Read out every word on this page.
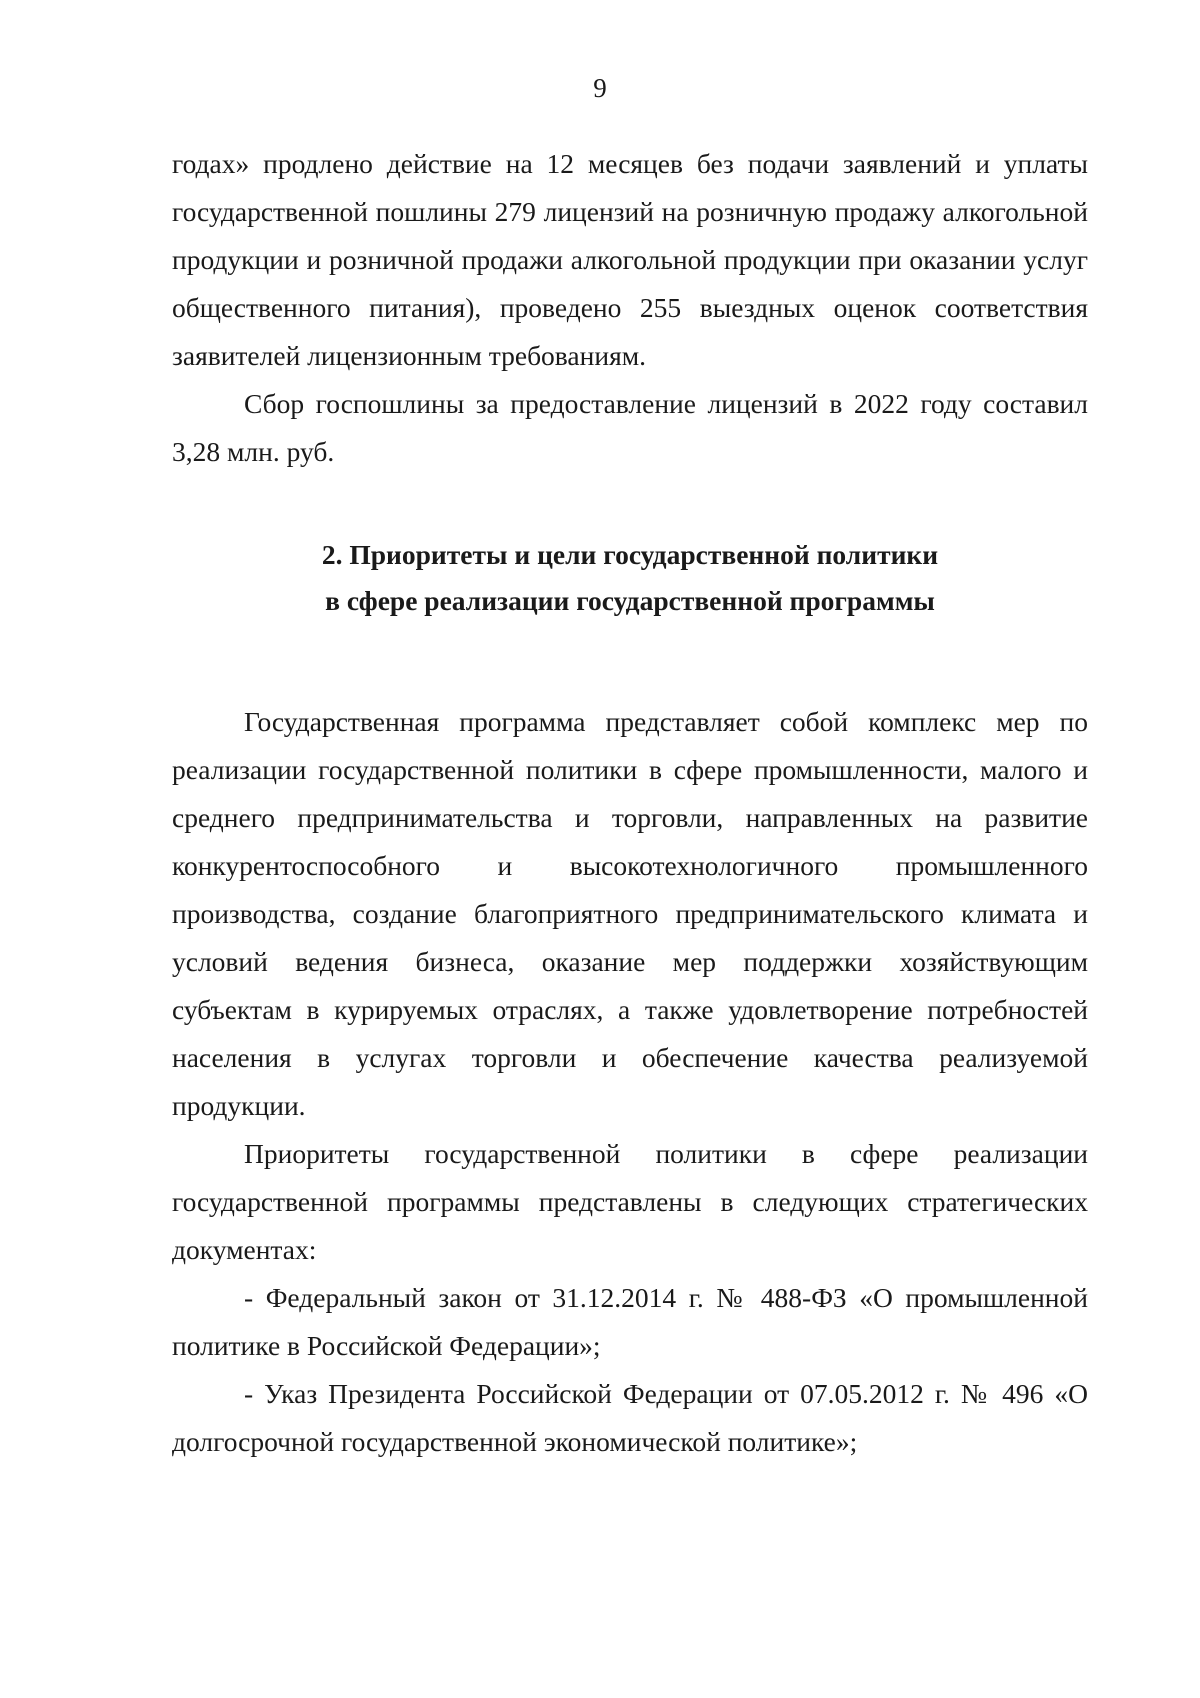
9

годах» продлено действие на 12 месяцев без подачи заявлений и уплаты государственной пошлины 279 лицензий на розничную продажу алкогольной продукции и розничной продажи алкогольной продукции при оказании услуг общественного питания), проведено 255 выездных оценок соответствия заявителей лицензионным требованиям.

Сбор госпошлины за предоставление лицензий в 2022 году составил 3,28 млн. руб.

2. Приоритеты и цели государственной политики
в сфере реализации государственной программы

Государственная программа представляет собой комплекс мер по реализации государственной политики в сфере промышленности, малого и среднего предпринимательства и торговли, направленных на развитие конкурентоспособного и высокотехнологичного промышленного производства, создание благоприятного предпринимательского климата и условий ведения бизнеса, оказание мер поддержки хозяйствующим субъектам в курируемых отраслях, а также удовлетворение потребностей населения в услугах торговли и обеспечение качества реализуемой продукции.

Приоритеты государственной политики в сфере реализации государственной программы представлены в следующих стратегических документах:

- Федеральный закон от 31.12.2014 г. № 488-ФЗ «О промышленной политике в Российской Федерации»;

- Указ Президента Российской Федерации от 07.05.2012 г. № 496 «О долгосрочной государственной экономической политике»;
